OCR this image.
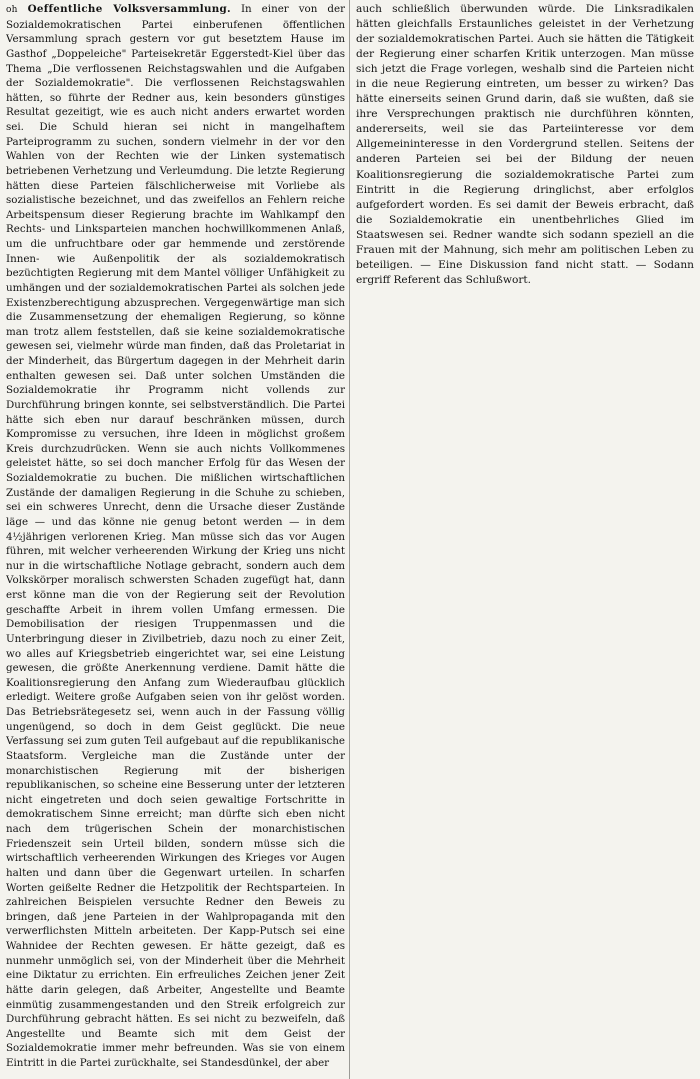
oh Oeffentliche Volksversammlung. In einer von der Sozialdemokratischen Partei einberufenen öffentlichen Versammlung sprach gestern vor gut besetztem Hause im Gasthof „Doppeleiche" Parteisekretär Eggerstedt-Kiel über das Thema „Die verflossenen Reichstagswahlen und die Aufgaben der Sozialdemokratie". Die verflossenen Reichstagswahlen hätten, so führte der Redner aus, kein besonders günstiges Resultat gezeitigt, wie es auch nicht anders erwartet worden sei. Die Schuld hieran sei nicht in mangelhaftem Parteiprogramm zu suchen, sondern vielmehr in der vor den Wahlen von der Rechten wie der Linken systematisch betriebenen Verhetzung und Verleumdung. Die letzte Regierung hätten diese Parteien fälschlicherweise mit Vorliebe als sozialistische bezeichnet, und das zweifellos an Fehlern reiche Arbeitspensum dieser Regierung brachte im Wahlkampf den Rechts- und Linksparteien manchen hochwillkommenen Anlaß, um die unfruchtbare oder gar hemmende und zerstörende Innen- wie Außenpolitik der als sozialdemokratisch bezüchtigten Regierung mit dem Mantel völliger Unfähigkeit zu umhängen und der sozialdemokratischen Partei als solchen jede Existenzberechtigung abzusprechen. Vergegenwärtige man sich die Zusammensetzung der ehemaligen Regierung, so könne man trotz allem feststellen, daß sie keine sozialdemokratische gewesen sei, vielmehr würde man finden, daß das Proletariat in der Minderheit, das Bürgertum dagegen in der Mehrheit darin enthalten gewesen sei. Daß unter solchen Umständen die Sozialdemokratie ihr Programm nicht vollends zur Durchführung bringen konnte, sei selbstverständlich. Die Partei hätte sich eben nur darauf beschränken müssen, durch Kompromisse zu versuchen, ihre Ideen in möglichst großem Kreis durchzudrücken. Wenn sie auch nichts Vollkommenes geleistet hätte, so sei doch mancher Erfolg für das Wesen der Sozialdemokratie zu buchen. Die mißlichen wirtschaftlichen Zustände der damaligen Regierung in die Schuhe zu schieben, sei ein schweres Unrecht, denn die Ursache dieser Zustände läge — und das könne nie genug betont werden — in dem 4½jährigen verlorenen Krieg. Man müsse sich das vor Augen führen, mit welcher verheerenden Wirkung der Krieg uns nicht nur in die wirtschaftliche Notlage gebracht, sondern auch dem Volkskörper moralisch schwersten Schaden zugefügt hat, dann erst könne man die von der Regierung seit der Revolution geschaffte Arbeit in ihrem vollen Umfang ermessen. Die Demobilisation der riesigen Truppenmassen und die Unterbringung dieser in Zivilbetrieb, dazu noch zu einer Zeit, wo alles auf Kriegsbetrieb eingerichtet war, sei eine Leistung gewesen, die größte Anerkennung verdiene. Damit hätte die Koalitionsregierung den Anfang zum Wiederaufbau glücklich erledigt. Weitere große Aufgaben seien von ihr gelöst worden. Das Betriebsrätegesetz sei, wenn auch in der Fassung völlig ungenügend, so doch in dem Geist geglückt. Die neue Verfassung sei zum guten Teil aufgebaut auf die republikanische Staatsform. Vergleiche man die Zustände unter der monarchistischen Regierung mit der bisherigen republikanischen, so scheine eine Besserung unter der letzteren nicht eingetreten und doch seien gewaltige Fortschritte in demokratischem Sinne erreicht; man dürfte sich eben nicht nach dem trügerischen Schein der monarchistischen Friedenszeit sein Urteil bilden, sondern müsse sich die wirtschaftlich verheerenden Wirkungen des Krieges vor Augen halten und dann über die Gegenwart urteilen. In scharfen Worten geißelte Redner die Hetzpolitik der Rechtsparteien. In zahlreichen Beispielen versuchte Redner den Beweis zu bringen, daß jene Parteien in der Wahlpropaganda mit den verwerflichsten Mitteln arbeiteten. Der Kapp-Putsch sei eine Wahnidee der Rechten gewesen. Er hätte gezeigt, daß es nunmehr unmöglich sei, von der Minderheit über die Mehrheit eine Diktatur zu errichten. Ein erfreuliches Zeichen jener Zeit hätte darin gelegen, daß Arbeiter, Angestellte und Beamte einmütig zusammengestanden und den Streik erfolgreich zur Durchführung gebracht hätten. Es sei nicht zu bezweifeln, daß Angestellte und Beamte sich mit dem Geist der Sozialdemokratie immer mehr befreunden. Was sie von einem Eintritt in die Partei zurückhalte, sei Standesdünkel, der aber

auch schließlich überwunden würde. Die Linksradikalen hätten gleichfalls Erstaunliches geleistet in der Verhetzung der sozialdemokratischen Partei. Auch sie hätten die Tätigkeit der Regierung einer scharfen Kritik unterzogen. Man müsse sich jetzt die Frage vorlegen, weshalb sind die Parteien nicht in die neue Regierung eintreten, um besser zu wirken? Das hätte einerseits seinen Grund darin, daß sie wußten, daß sie ihre Versprechungen praktisch nie durchführen könnten, andererseits, weil sie das Parteiinteresse vor dem Allgemeininteresse in den Vordergrund stellen. Seitens der anderen Parteien sei bei der Bildung der neuen Koalitionsregierung die sozialdemokratische Partei zum Eintritt in die Regierung dringlichst, aber erfolglos aufgefordert worden. Es sei damit der Beweis erbracht, daß die Sozialdemokratie ein unentbehrliches Glied im Staatswesen sei. Redner wandte sich sodann speziell an die Frauen mit der Mahnung, sich mehr am politischen Leben zu beteiligen. — Eine Diskussion fand nicht statt. — Sodann ergriff Referent das Schlußwort.
